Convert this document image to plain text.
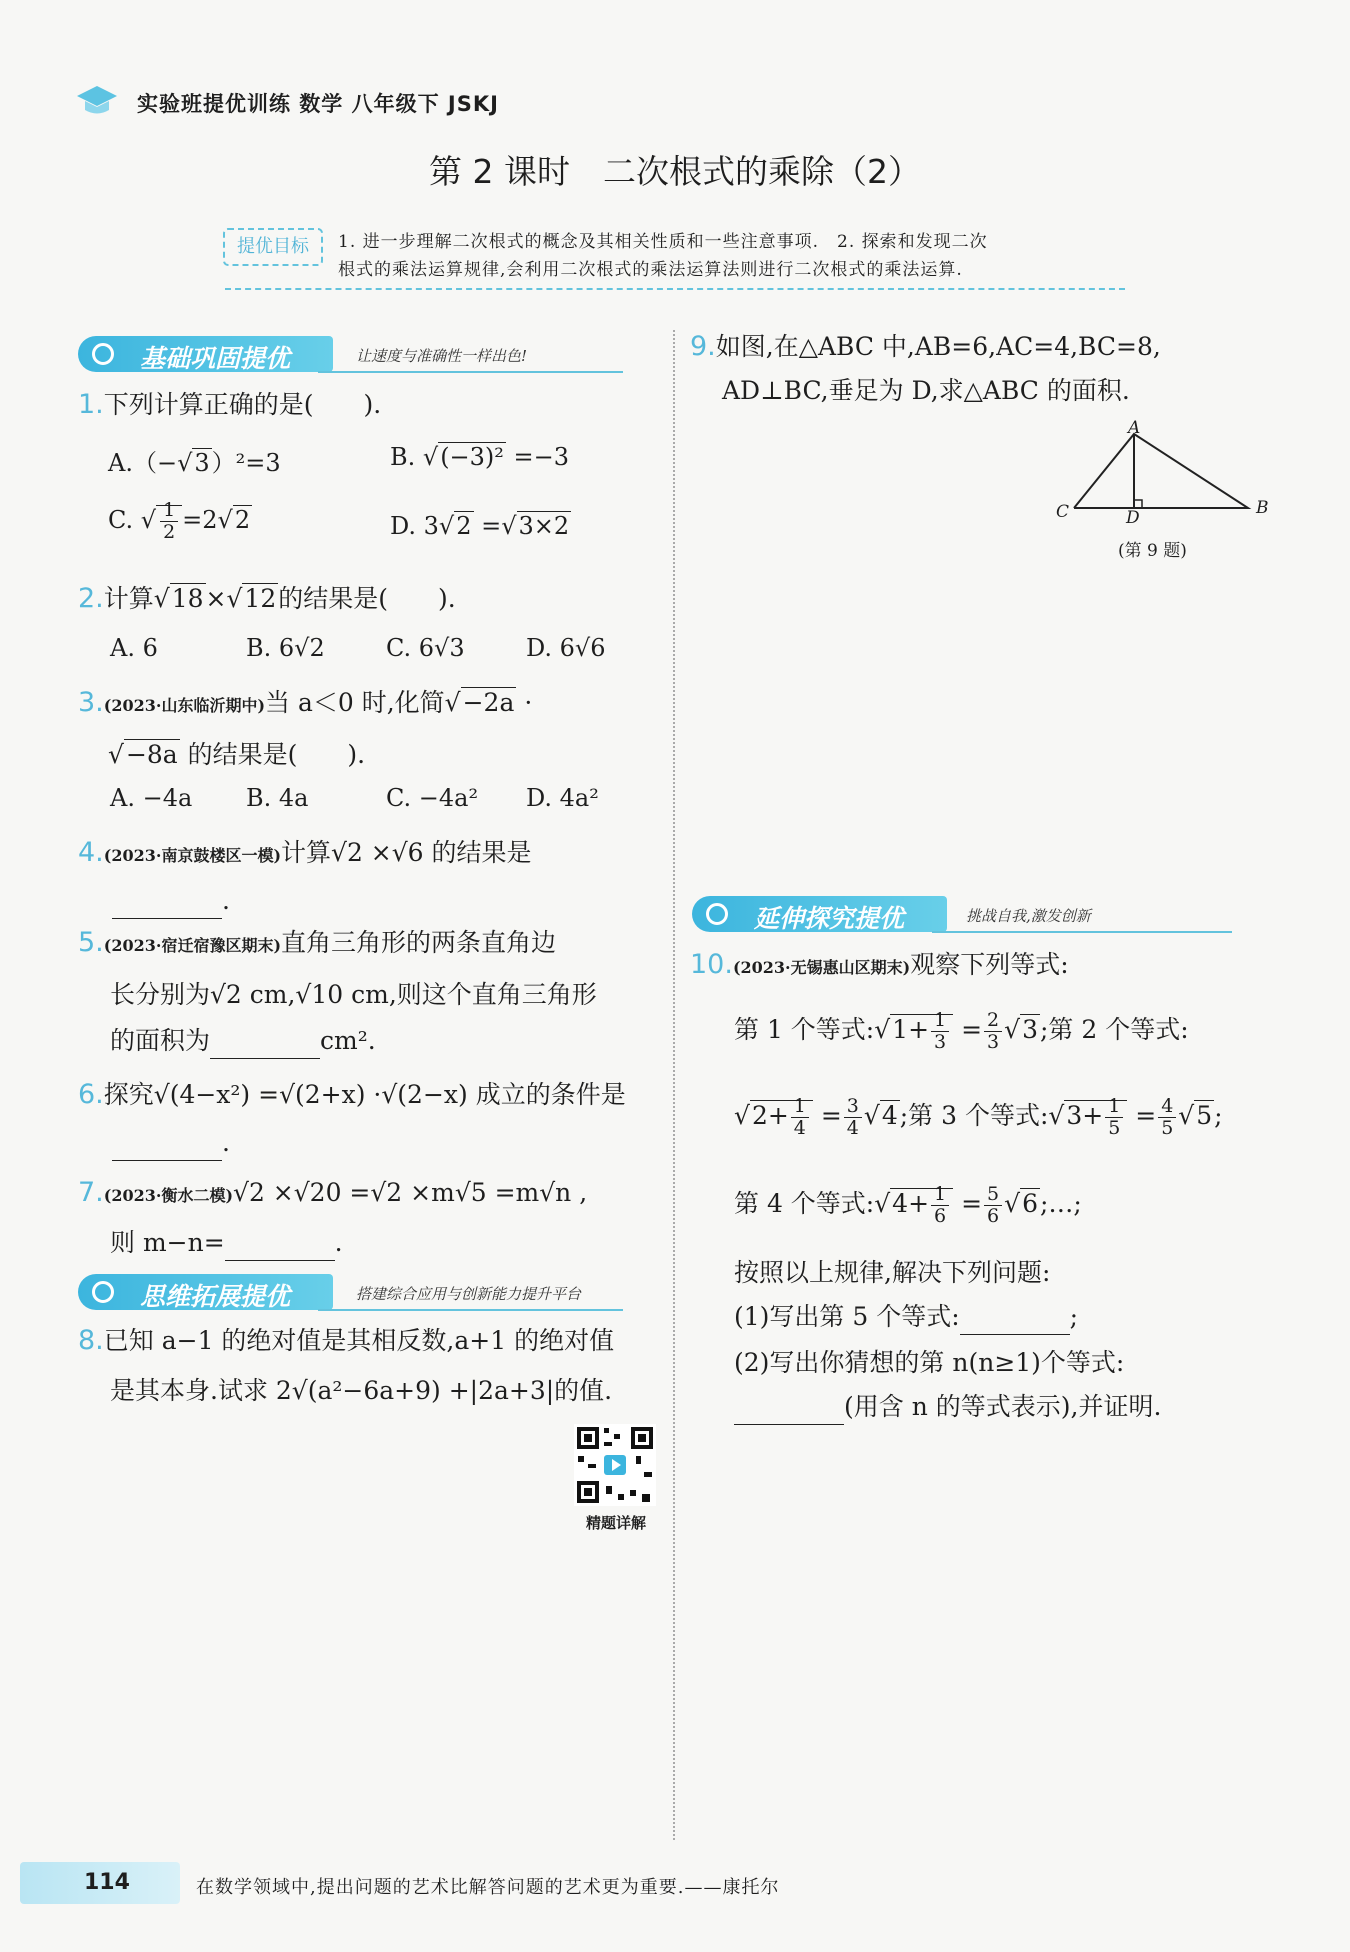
实验班提优训练 数学 八年级下 JSKJ
第 2 课时　二次根式的乘除（2）
提优目标	1. 进一步理解二次根式的概念及其相关性质和一些注意事项.　2. 探索和发现二次
根式的乘法运算规律,会利用二次根式的乘法运算法则进行二次根式的乘法运算.
基础巩固提优	让速度与准确性一样出色!
1.下列计算正确的是(　　).
A.（−√3）²=3	B. √(−3)² =−3
C. √ $\frac{1}{2} =2√2$	D. 3√2 =√3×2
2.计算√18×√12的结果是(　　).
A. 6	B. 6√2	C. 6√3	D. 6√6
3.(2023·山东临沂期中)当 a＜0 时,化简√−2a ·
√−8a 的结果是(　　).
A. −4a B. 4a	C. −4a² D. 4a²
4.(2023·南京鼓楼区一模)计算√2 ×√6 的结果是
.
5.(2023·宿迁宿豫区期末)直角三角形的两条直角边
长分别为√2 cm,√10 cm,则这个直角三角形
的面积为	cm².
6.探究√(4−x²) =√(2+x) ·√(2−x) 成立的条件是
.
7.(2023·衡水二模)√2 ×√20 =√2 ×m√5 =m√n ,
则 m−n=	.
思维拓展提优	搭建综合应用与创新能力提升平台
8.已知 a−1 的绝对值是其相反数,a+1 的绝对值
是其本身.试求 2√(a²−6a+9) +|2a+3|的值.
精题详解
9.如图,在△ABC 中,AB=6,AC=4,BC=8,
AD⊥BC,垂足为 D,求△ABC 的面积.
A
B
C	D
(第 9 题)
延伸探究提优	挑战自我,激发创新
10.(2023·无锡惠山区期末)观察下列等式:
第 1 个等式:√1+ $\frac{1}{3} = \frac{2}{3} √3$;第 2 个等式:
$√2+ \frac{1}{4} = \frac{3}{4} √4$;第 3 个等式:√3+ $\frac{1}{5} = \frac{4}{5} √5$;
第 4 个等式:√4+ $\frac{1}{6} = \frac{5}{6}$ √6;…;
按照以上规律,解决下列问题:
(1)写出第 5 个等式:	;
(2)写出你猜想的第 n(n≥1)个等式:
(用含 n 的等式表示),并证明.
114	在数学领域中,提出问题的艺术比解答问题的艺术更为重要.——康托尔
